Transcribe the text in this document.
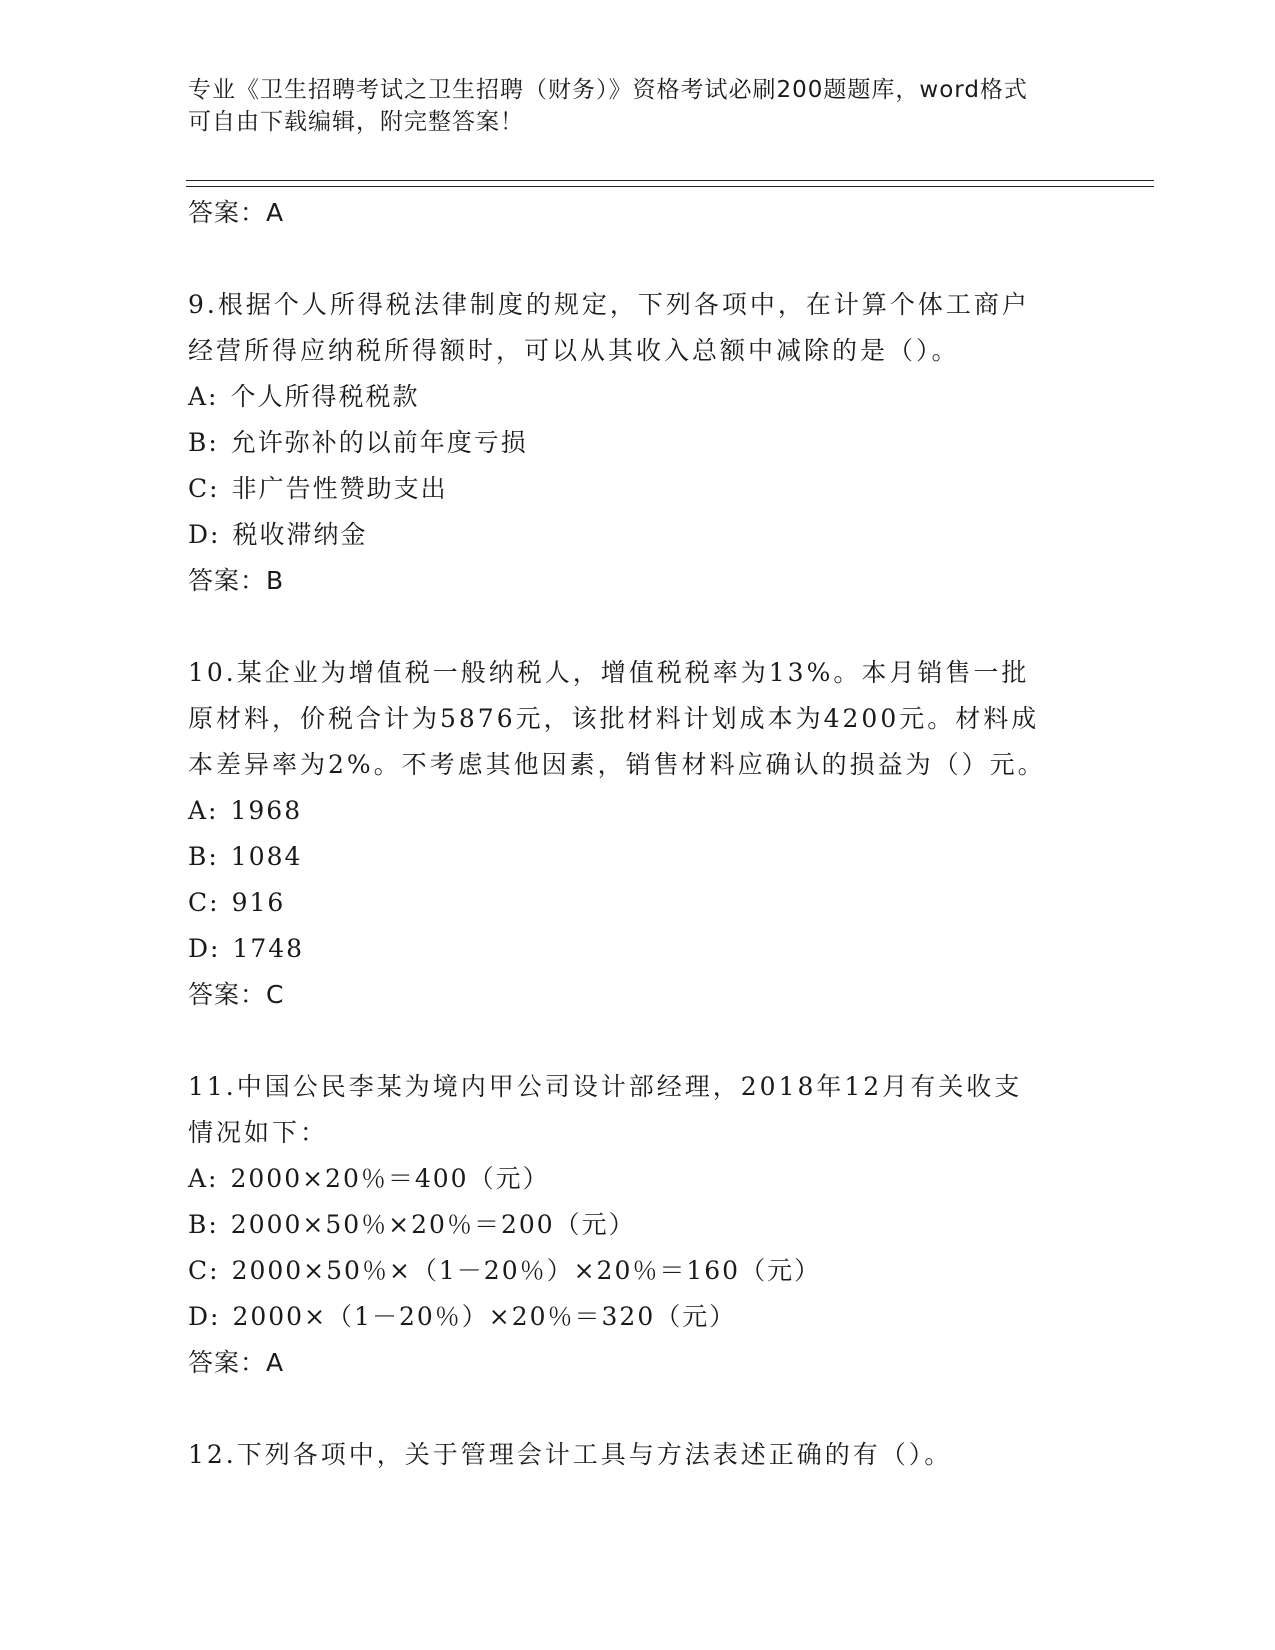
专业《卫生招聘考试之卫生招聘（财务）》资格考试必刷200题题库，word格式
可自由下载编辑，附完整答案！
答案：A
9.根据个人所得税法律制度的规定，下列各项中，在计算个体工商户经营所得应纳税所得额时，可以从其收入总额中减除的是（）。
A: 个人所得税税款
B: 允许弥补的以前年度亏损
C: 非广告性赞助支出
D: 税收滞纳金
答案：B
10.某企业为增值税一般纳税人，增值税税率为13%。本月销售一批原材料，价税合计为5876元，该批材料计划成本为4200元。材料成本差异率为2%。不考虑其他因素，销售材料应确认的损益为（）元。
A: 1968
B: 1084
C: 916
D: 1748
答案：C
11.中国公民李某为境内甲公司设计部经理，2018年12月有关收支情况如下：
A: 2000×20％＝400（元）
B: 2000×50％×20％＝200（元）
C: 2000×50％×（1－20％）×20％＝160（元）
D: 2000×（1－20％）×20％＝320（元）
答案：A
12.下列各项中，关于管理会计工具与方法表述正确的有（）。
